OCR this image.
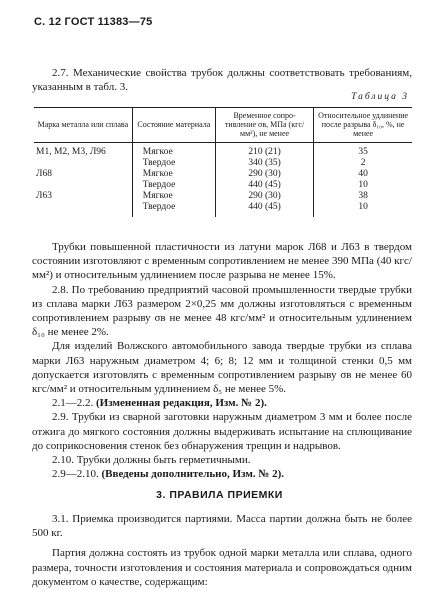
С. 12 ГОСТ 11383—75

2.7. Механические свойства трубок должны соответствовать требованиям, указанным в табл. 3.

Таблица 3
Марка металла или сплава	Состояние материала	Временное сопро-тивление σв, МПа (кгс/мм²), не менее	Относительное удлинение после разрыва δ₁₀, %, не менее
М1, М2, М3, Л96	Мягкое	210 (21)	35
	Твердое	340 (35)	2
Л68	Мягкое	290 (30)	40
	Твердое	440 (45)	10
Л63	Мягкое	290 (30)	38
	Твердое	440 (45)	10

Трубки повышенной пластичности из латуни марок Л68 и Л63 в твердом состоянии изготовляют с временным сопротивлением не менее 390 МПа (40 кгс/мм²) и относительным удлинением после разрыва не менее 15%.

2.8. По требованию предприятий часовой промышленности твердые трубки из сплава марки Л63 размером 2×0,25 мм должны изготовляться с временным сопротивлением разрыву σв не менее 48 кгс/мм² и относительным удлинением δ₁₀ не менее 2%.

Для изделий Волжского автомобильного завода твердые трубки из сплава марки Л63 наружным диаметром 4; 6; 8; 12 мм и толщиной стенки 0,5 мм допускается изготовлять с временным сопротивлением разрыву σв не менее 60 кгс/мм² и относительным удлинением δ₅ не менее 5%.

2.1—2.2. (Измененная редакция, Изм. № 2).

2.9. Трубки из сварной заготовки наружным диаметром 3 мм и более после отжига до мягкого состояния должны выдерживать испытание на сплющивание до соприкосновения стенок без обнаружения трещин и надрывов.

2.10. Трубки должны быть герметичными.

2.9—2.10. (Введены дополнительно, Изм. № 2).

3. ПРАВИЛА ПРИЕМКИ

3.1. Приемка производится партиями. Масса партии должна быть не более 500 кг.

Партия должна состоять из трубок одной марки металла или сплава, одного размера, точности изготовления и состояния материала и сопровождаться одним документом о качестве, содержащим:
